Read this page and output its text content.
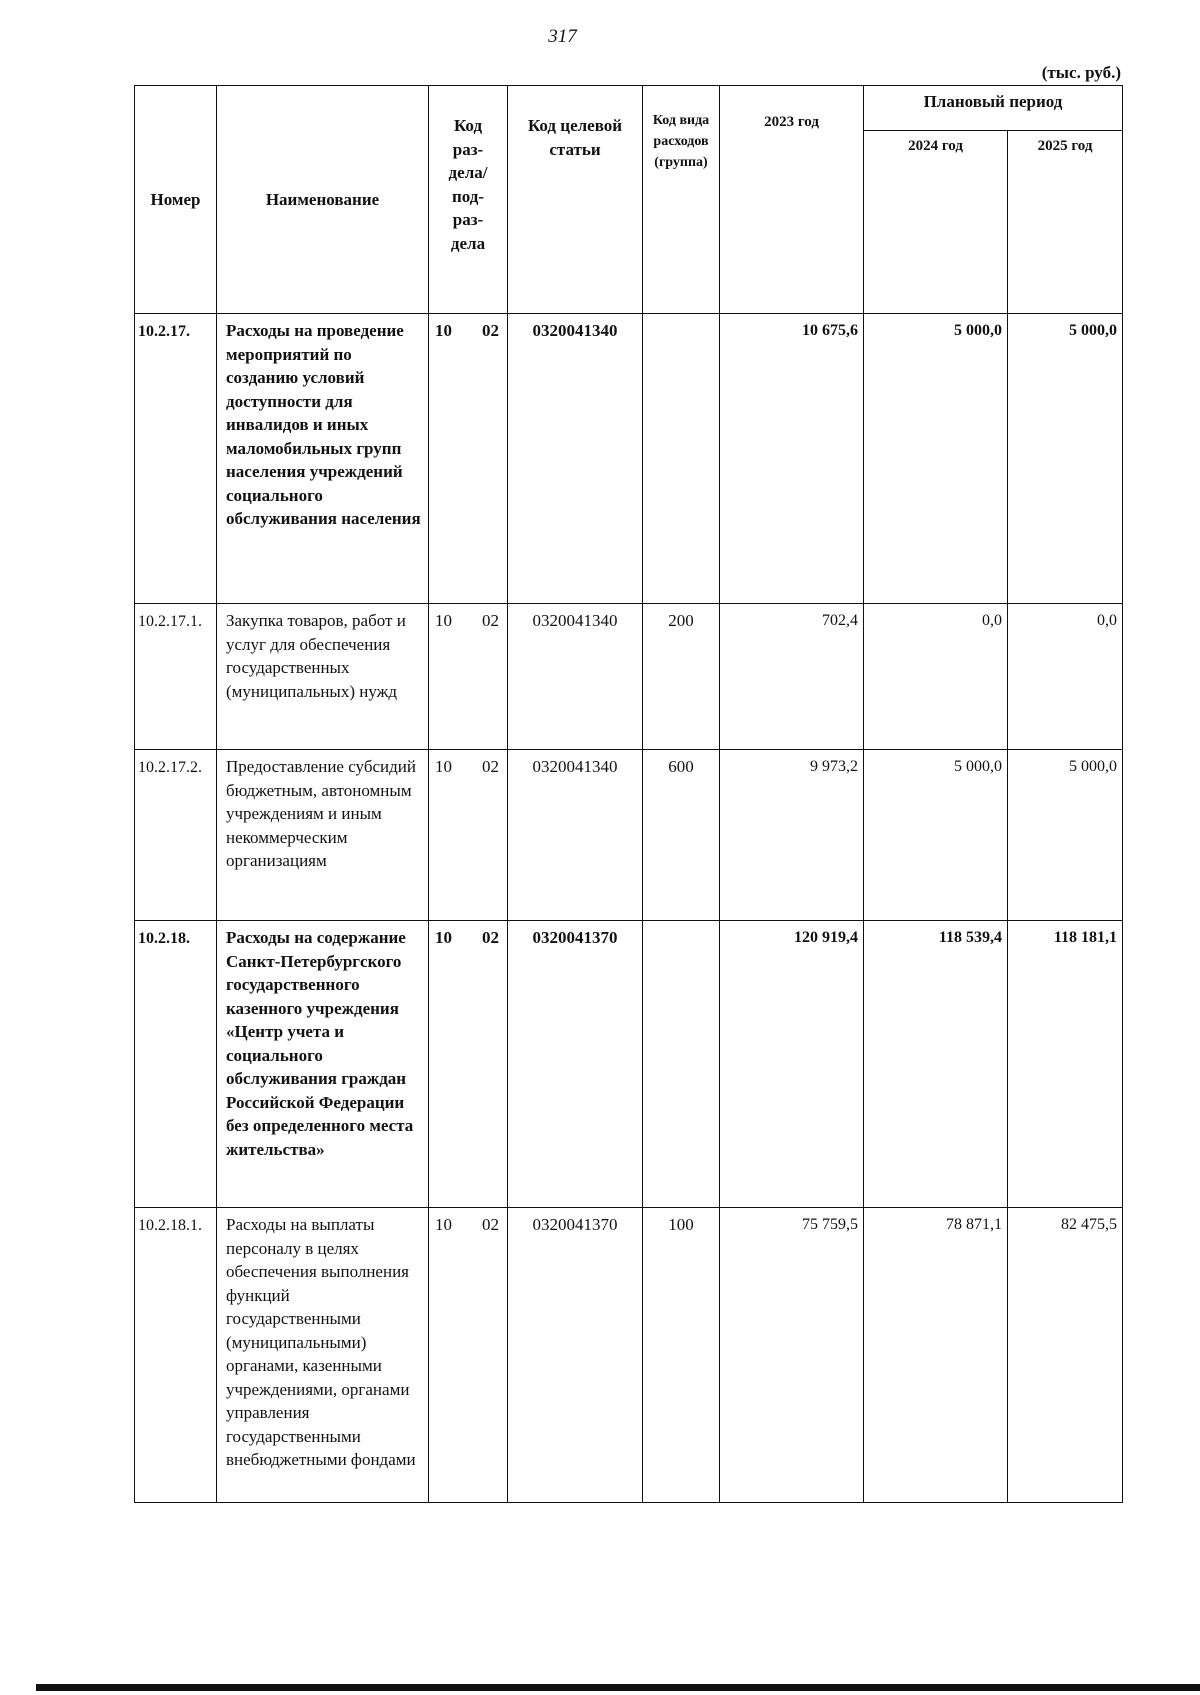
317
(тыс. руб.)
Номер	Наименование	Код раз-дела/ под-раз-дела	Код целевой статьи	Код вида расходов (группа)	2023 год	Плановый период	
						2024 год	2025 год
10.2.17.	Расходы на проведение мероприятий по созданию условий доступности для инвалидов и иных маломобильных групп населения учреждений социального обслуживания населения	10 02	0320041340		10 675,6	5 000,0	5 000,0
10.2.17.1.	Закупка товаров, работ и услуг для обеспечения государственных (муниципальных) нужд	10 02	0320041340	200	702,4	0,0	0,0
10.2.17.2.	Предоставление субсидий бюджетным, автономным учреждениям и иным некоммерческим организациям	10 02	0320041340	600	9 973,2	5 000,0	5 000,0
10.2.18.	Расходы на содержание Санкт-Петербургского государственного казенного учреждения «Центр учета и социального обслуживания граждан Российской Федерации без определенного места жительства»	10 02	0320041370		120 919,4	118 539,4	118 181,1
10.2.18.1.	Расходы на выплаты персоналу в целях обеспечения выполнения функций государственными (муниципальными) органами, казенными учреждениями, органами управления государственными внебюджетными фондами	10 02	0320041370	100	75 759,5	78 871,1	82 475,5
